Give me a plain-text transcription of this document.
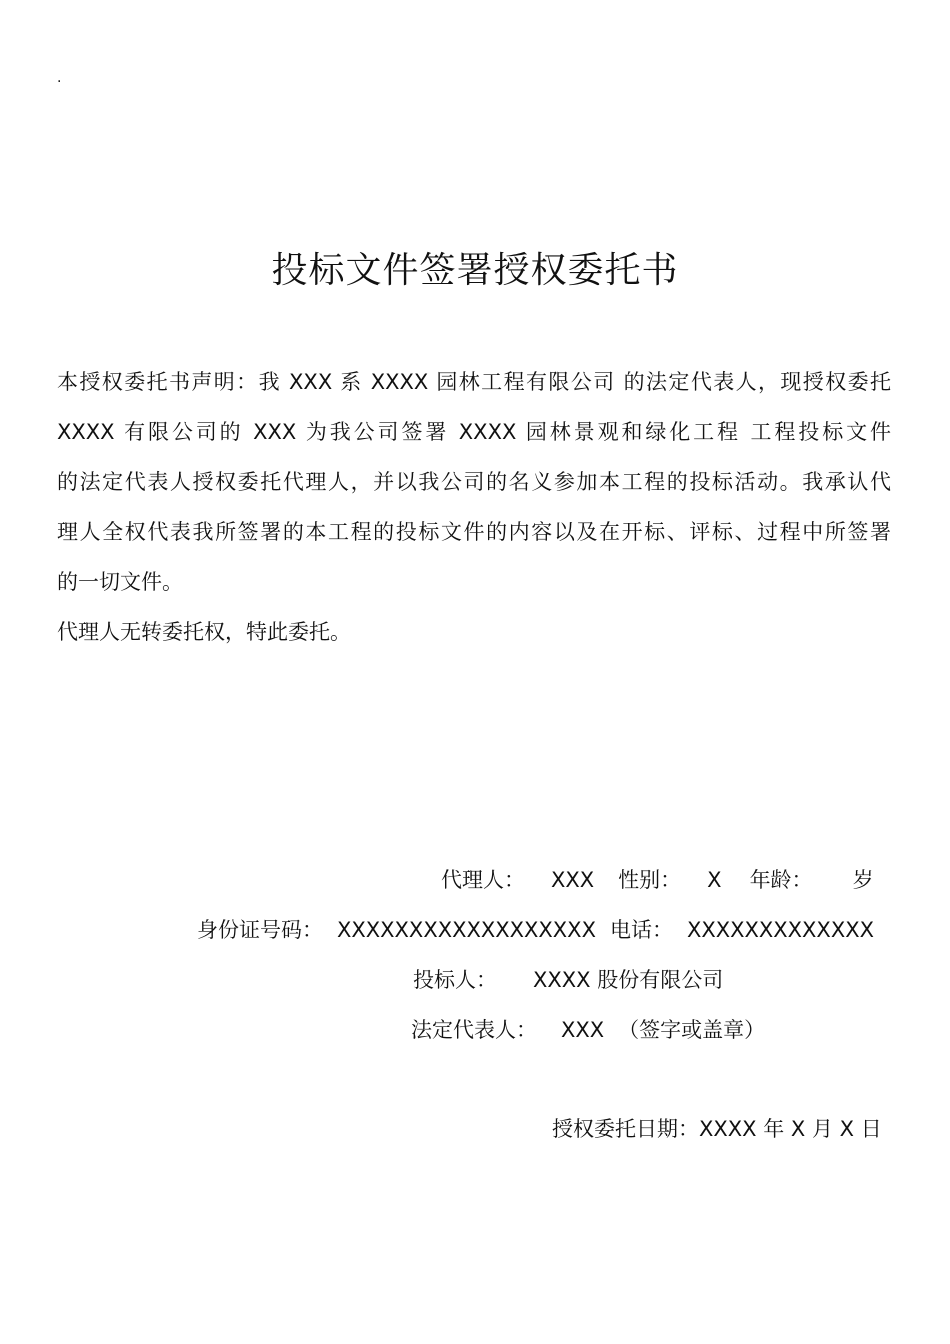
.
投标文件签署授权委托书
本授权委托书声明：我 XXX 系 XXXX 园林工程有限公司 的法定代表人，现授权委托
XXXX 有限公司的 XXX 为我公司签署 XXXX 园林景观和绿化工程 工程投标文件
的法定代表人授权委托代理人，并以我公司的名义参加本工程的投标活动。我承认代
理人全权代表我所签署的本工程的投标文件的内容以及在开标、评标、过程中所签署
的一切文件。
代理人无转委托权，特此委托。
代理人： XXX 性别： X 年龄： 岁
身份证号码： XXXXXXXXXXXXXXXXXX 电话： XXXXXXXXXXXXX
投标人： XXXX 股份有限公司
法定代表人： XXX （签字或盖章）
授权委托日期：XXXX 年 X 月 X 日
